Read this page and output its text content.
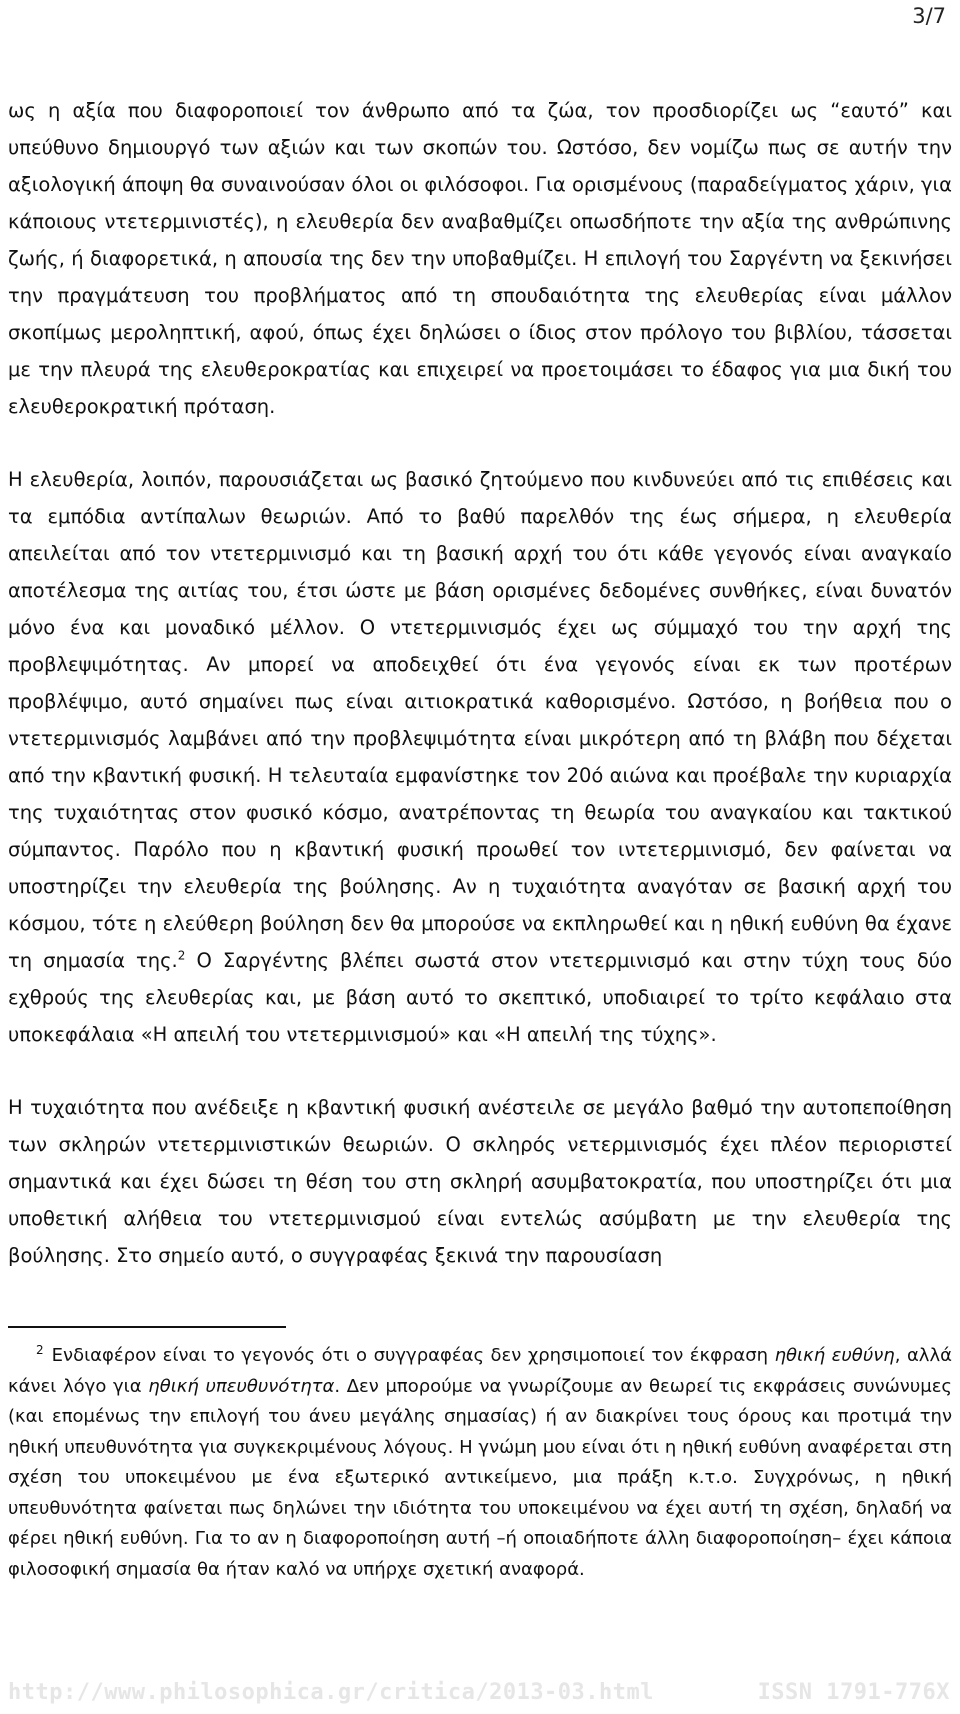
3/7

ως η αξία που διαφοροποιεί τον άνθρωπο από τα ζώα, τον προσδιορίζει ως “εαυτό” και υπεύθυνο δημιουργό των αξιών και των σκοπών του. Ωστόσο, δεν νομίζω πως σε αυτήν την αξιολογική άποψη θα συναινούσαν όλοι οι φιλόσοφοι. Για ορισμένους (παραδείγματος χάριν, για κάποιους ντετερμινιστές), η ελευθερία δεν αναβαθμίζει οπωσδήποτε την αξία της ανθρώπινης ζωής, ή διαφορετικά, η απουσία της δεν την υποβαθμίζει. Η επιλογή του Σαργέντη να ξεκινήσει την πραγμάτευση του προβλήματος από τη σπουδαιότητα της ελευθερίας είναι μάλλον σκοπίμως μεροληπτική, αφού, όπως έχει δηλώσει ο ίδιος στον πρόλογο του βιβλίου, τάσσεται με την πλευρά της ελευθεροκρατίας και επιχειρεί να προετοιμάσει το έδαφος για μια δική του ελευθεροκρατική πρόταση.

Η ελευθερία, λοιπόν, παρουσιάζεται ως βασικό ζητούμενο που κινδυνεύει από τις επιθέσεις και τα εμπόδια αντίπαλων θεωριών. Από το βαθύ παρελθόν της έως σήμερα, η ελευθερία απειλείται από τον ντετερμινισμό και τη βασική αρχή του ότι κάθε γεγονός είναι αναγκαίο αποτέλεσμα της αιτίας του, έτσι ώστε με βάση ορισμένες δεδομένες συνθήκες, είναι δυνατόν μόνο ένα και μοναδικό μέλλον. Ο ντετερμινισμός έχει ως σύμμαχό του την αρχή της προβλεψιμότητας. Αν μπορεί να αποδειχθεί ότι ένα γεγονός είναι εκ των προτέρων προβλέψιμο, αυτό σημαίνει πως είναι αιτιοκρατικά καθορισμένο. Ωστόσο, η βοήθεια που ο ντετερμινισμός λαμβάνει από την προβλεψιμότητα είναι μικρότερη από τη βλάβη που δέχεται από την κβαντική φυσική. Η τελευταία εμφανίστηκε τον 20ό αιώνα και προέβαλε την κυριαρχία της τυχαιότητας στον φυσικό κόσμο, ανατρέποντας τη θεωρία του αναγκαίου και τακτικού σύμπαντος. Παρόλο που η κβαντική φυσική προωθεί τον ιντετερμινισμό, δεν φαίνεται να υποστηρίζει την ελευθερία της βούλησης. Αν η τυχαιότητα αναγόταν σε βασική αρχή του κόσμου, τότε η ελεύθερη βούληση δεν θα μπορούσε να εκπληρωθεί και η ηθική ευθύνη θα έχανε τη σημασία της.$^2$ Ο Σαργέντης βλέπει σωστά στον ντετερμινισμό και στην τύχη τους δύο εχθρούς της ελευθερίας και, με βάση αυτό το σκεπτικό, υποδιαιρεί το τρίτο κεφάλαιο στα υποκεφάλαια «Η απειλή του ντετερμινισμού» και «Η απειλή της τύχης».

Η τυχαιότητα που ανέδειξε η κβαντική φυσική ανέστειλε σε μεγάλο βαθμό την αυτοπεποίθηση των σκληρών ντετερμινιστικών θεωριών. Ο σκληρός νετερμινισμός έχει πλέον περιοριστεί σημαντικά και έχει δώσει τη θέση του στη σκληρή ασυμβατοκρατία, που υποστηρίζει ότι μια υποθετική αλήθεια του ντετερμινισμού είναι εντελώς ασύμβατη με την ελευθερία της βούλησης. Στο σημείο αυτό, ο συγγραφέας ξεκινά την παρουσίαση

$^2$ Ενδιαφέρον είναι το γεγονός ότι ο συγγραφέας δεν χρησιμοποιεί τον έκφραση ηθική ευθύνη, αλλά κάνει λόγο για ηθική υπευθυνότητα. Δεν μπορούμε να γνωρίζουμε αν θεωρεί τις εκφράσεις συνώνυμες (και επομένως την επιλογή του άνευ μεγάλης σημασίας) ή αν διακρίνει τους όρους και προτιμά την ηθική υπευθυνότητα για συγκεκριμένους λόγους. Η γνώμη μου είναι ότι η ηθική ευθύνη αναφέρεται στη σχέση του υποκειμένου με ένα εξωτερικό αντικείμενο, μια πράξη κ.τ.ο. Συγχρόνως, η ηθική υπευθυνότητα φαίνεται πως δηλώνει την ιδιότητα του υποκειμένου να έχει αυτή τη σχέση, δηλαδή να φέρει ηθική ευθύνη. Για το αν η διαφοροποίηση αυτή –ή οποιαδήποτε άλλη διαφοροποίηση– έχει κάποια φιλοσοφική σημασία θα ήταν καλό να υπήρχε σχετική αναφορά.

http://www.philosophica.gr/critica/2013-03.html	ISSN 1791-776X
